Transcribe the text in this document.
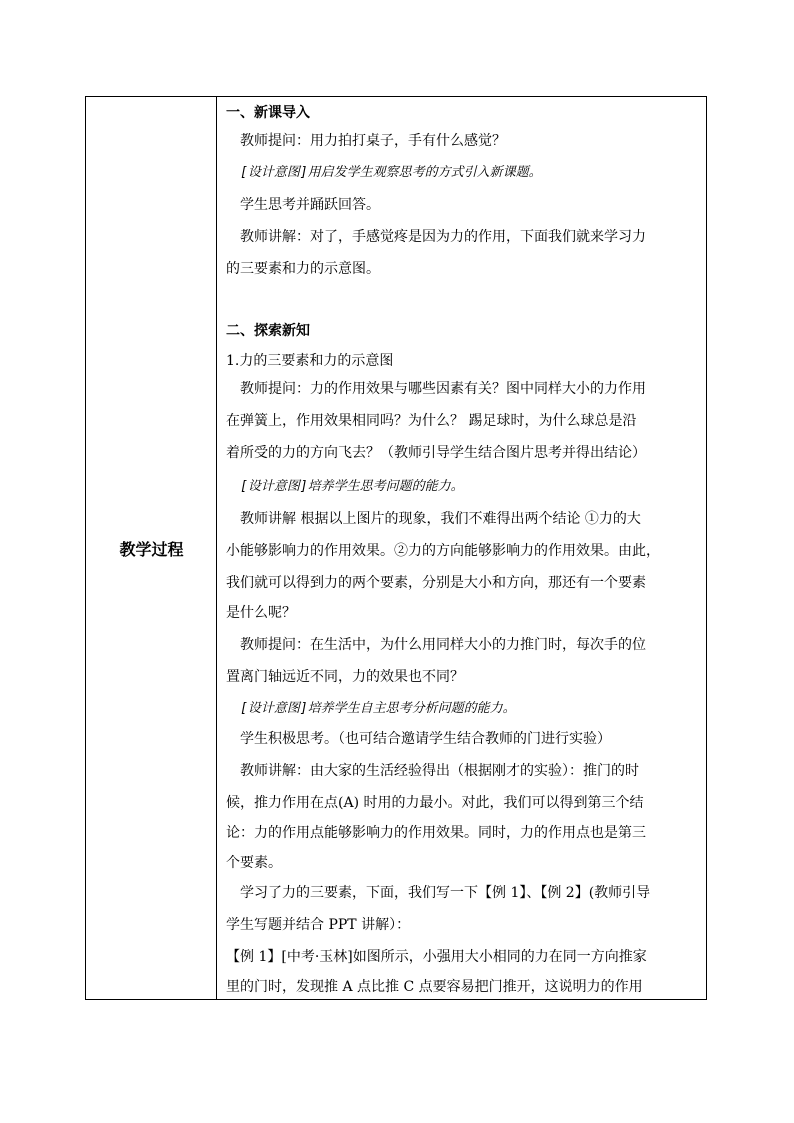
教学过程
一、新课导入
教师提问：用力拍打桌子，手有什么感觉？
[设计意图]用启发学生观察思考的方式引入新课题。
学生思考并踊跃回答。
教师讲解：对了，手感觉疼是因为力的作用，下面我们就来学习力
的三要素和力的示意图。
二、探索新知
1.力的三要素和力的示意图
教师提问：力的作用效果与哪些因素有关？图中同样大小的力作用
在弹簧上，作用效果相同吗？为什么？ 踢足球时，为什么球总是沿
着所受的力的方向飞去？（教师引导学生结合图片思考并得出结论）
[设计意图]培养学生思考问题的能力。
教师讲解 根据以上图片的现象，我们不难得出两个结论 ①力的大
小能够影响力的作用效果。②力的方向能够影响力的作用效果。由此，
我们就可以得到力的两个要素，分别是大小和方向，那还有一个要素
是什么呢？
教师提问：在生活中，为什么用同样大小的力推门时，每次手的位
置离门轴远近不同，力的效果也不同？
[设计意图]培养学生自主思考分析问题的能力。
学生积极思考。（也可结合邀请学生结合教师的门进行实验）
教师讲解：由大家的生活经验得出（根据刚才的实验）：推门的时
候，推力作用在点(A) 时用的力最小。对此，我们可以得到第三个结
论：力的作用点能够影响力的作用效果。同时，力的作用点也是第三
个要素。
学习了力的三要素，下面，我们写一下【例 1】、【例 2】(教师引导
学生写题并结合 PPT 讲解）：
【例 1】[中考·玉林]如图所示，小强用大小相同的力在同一方向推家
里的门时，发现推 A 点比推 C 点要容易把门推开，这说明力的作用
